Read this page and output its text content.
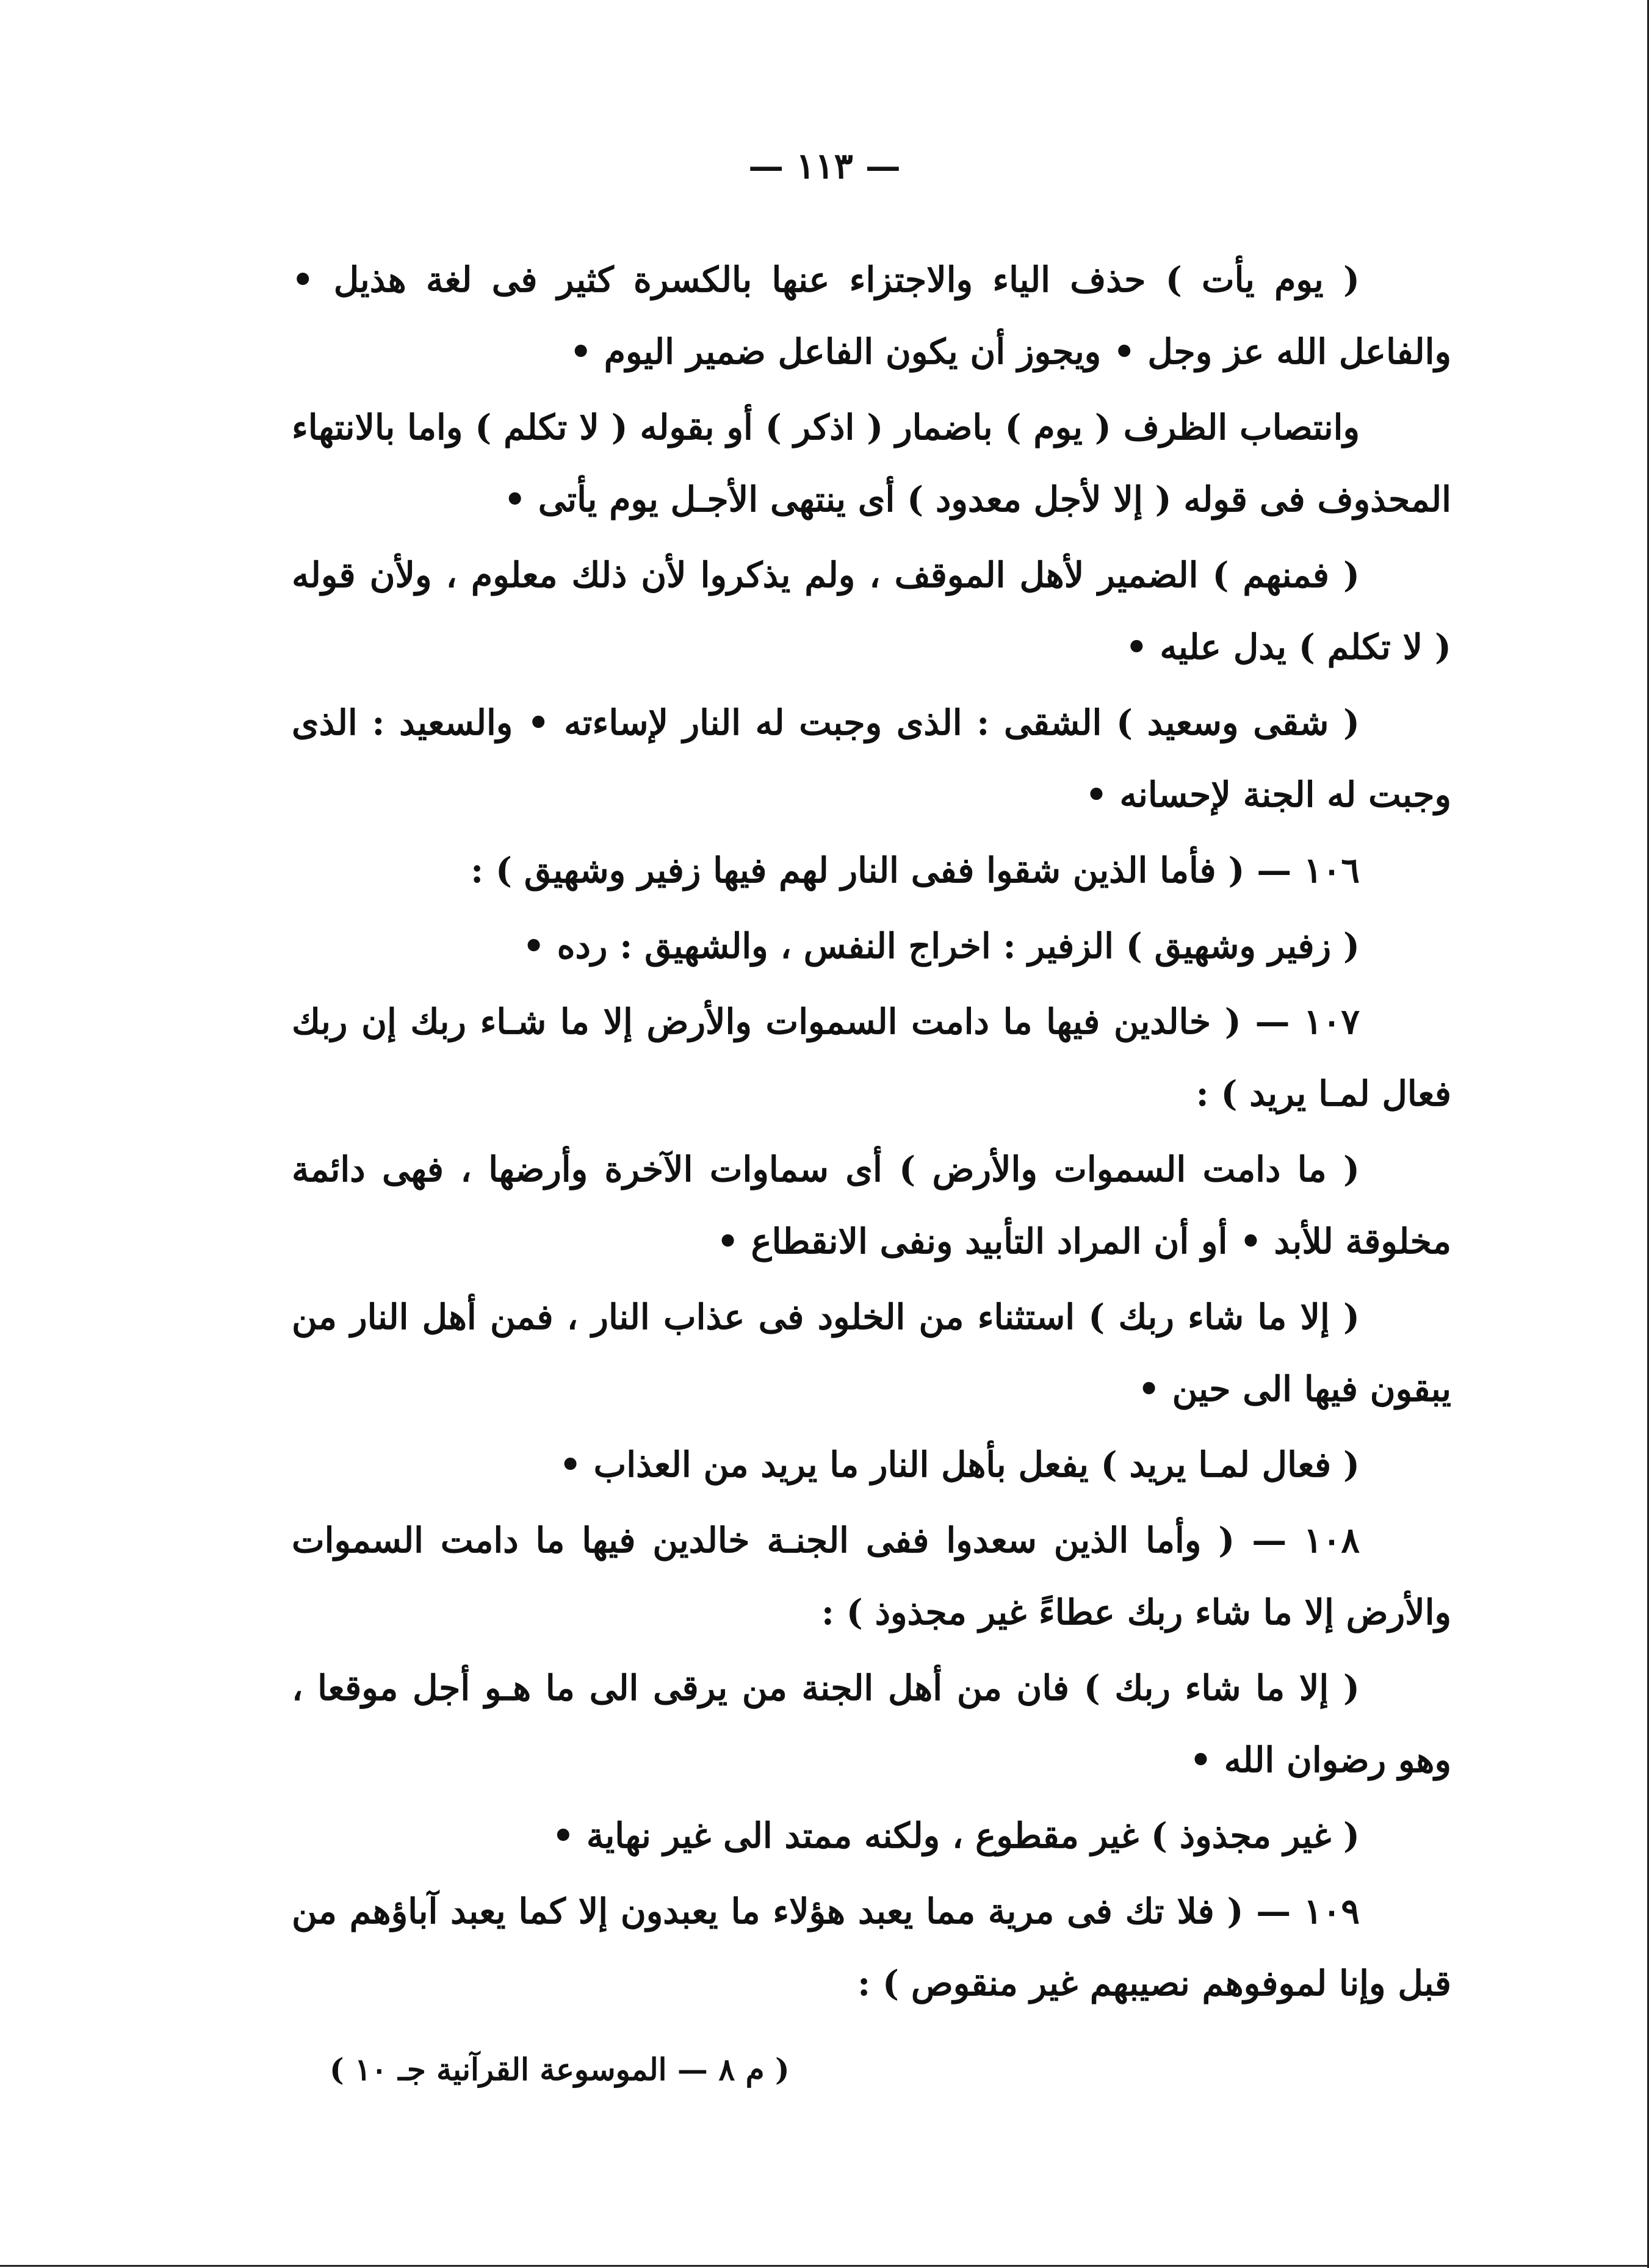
— ١١٣ —

( يوم يأت ) حذف الياء والاجتزاء عنها بالكسرة كثير فى لغة هذيل • والفاعل الله عز وجل • ويجوز أن يكون الفاعل ضمير اليوم •

وانتصاب الظرف ( يوم ) باضمار ( اذكر ) أو بقوله ( لا تكلم ) واما بالانتهاء المحذوف فى قوله ( إلا لأجل معدود ) أى ينتهى الأجـل يوم يأتى •

( فمنهم ) الضمير لأهل الموقف ، ولم يذكروا لأن ذلك معلوم ، ولأن قوله ( لا تكلم ) يدل عليه •

( شقى وسعيد ) الشقى : الذى وجبت له النار لإساءته • والسعيد : الذى وجبت له الجنة لإحسانه •

١٠٦ — ( فأما الذين شقوا ففى النار لهم فيها زفير وشهيق ) :

( زفير وشهيق ) الزفير : اخراج النفس ، والشهيق : رده •

١٠٧ — ( خالدين فيها ما دامت السموات والأرض إلا ما شـاء ربك إن ربك فعال لمـا يريد ) :

( ما دامت السموات والأرض ) أى سماوات الآخرة وأرضها ، فهى دائمة مخلوقة للأبد • أو أن المراد التأبيد ونفى الانقطاع •

( إلا ما شاء ربك ) استثناء من الخلود فى عذاب النار ، فمن أهل النار من يبقون فيها الى حين •

( فعال لمـا يريد ) يفعل بأهل النار ما يريد من العذاب •

١٠٨ — ( وأما الذين سعدوا ففى الجنـة خالدين فيها ما دامت السموات والأرض إلا ما شاء ربك عطاءً غير مجذوذ ) :

( إلا ما شاء ربك ) فان من أهل الجنة من يرقى الى ما هـو أجل موقعا ، وهو رضوان الله •

( غير مجذوذ ) غير مقطوع ، ولكنه ممتد الى غير نهاية •

١٠٩ — ( فلا تك فى مرية مما يعبد هؤلاء ما يعبدون إلا كما يعبد آباؤهم من قبل وإنا لموفوهم نصيبهم غير منقوص ) :

( م ٨ — الموسوعة القرآنية جـ ١٠ )
